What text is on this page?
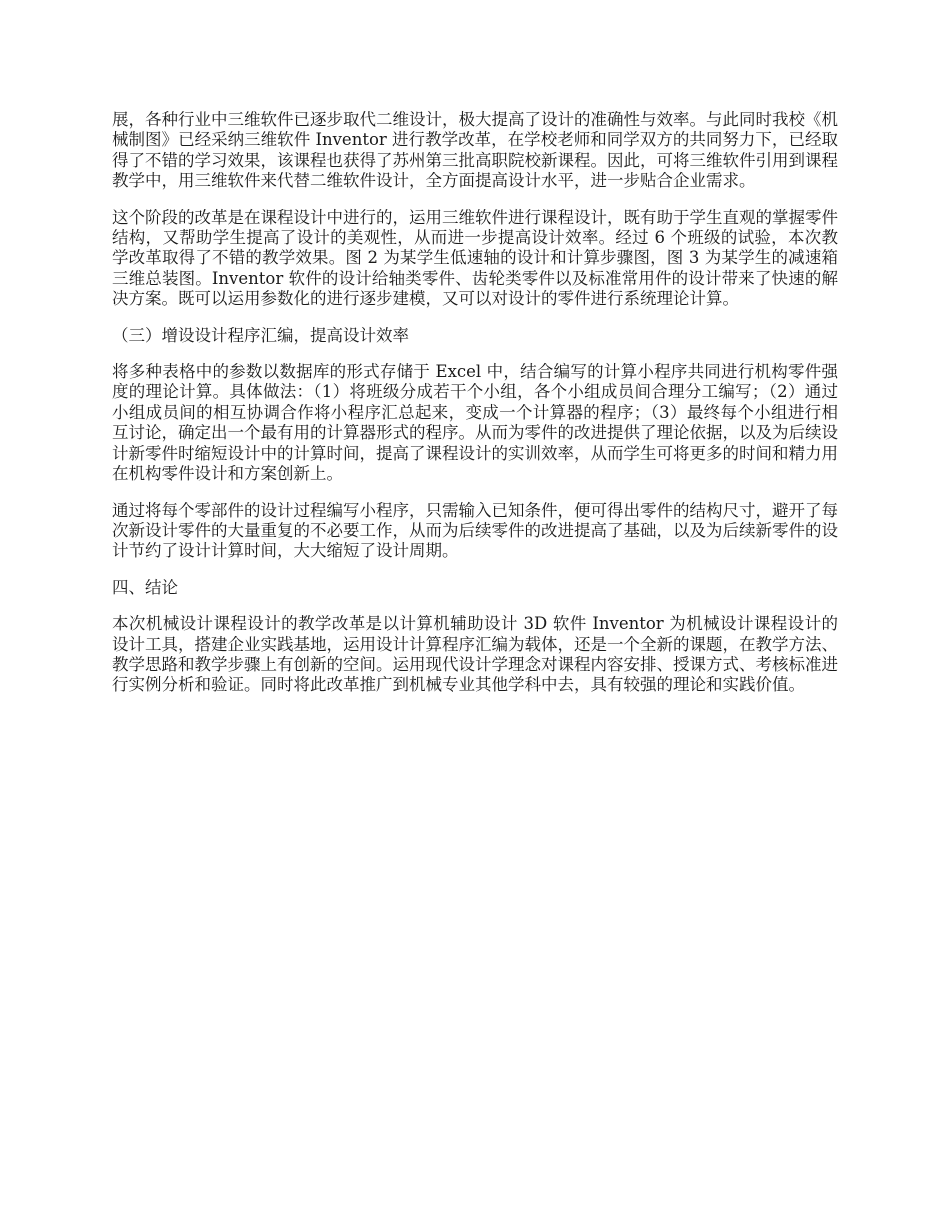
展，各种行业中三维软件已逐步取代二维设计，极大提高了设计的准确性与效率。与此同时我校《机械制图》已经采纳三维软件 Inventor 进行教学改革，在学校老师和同学双方的共同努力下，已经取得了不错的学习效果，该课程也获得了苏州第三批高职院校新课程。因此，可将三维软件引用到课程教学中，用三维软件来代替二维软件设计，全方面提高设计水平，进一步贴合企业需求。

这个阶段的改革是在课程设计中进行的，运用三维软件进行课程设计，既有助于学生直观的掌握零件结构，又帮助学生提高了设计的美观性，从而进一步提高设计效率。经过 6 个班级的试验，本次教学改革取得了不错的教学效果。图 2 为某学生低速轴的设计和计算步骤图，图 3 为某学生的减速箱三维总装图。Inventor 软件的设计给轴类零件、齿轮类零件以及标准常用件的设计带来了快速的解决方案。既可以运用参数化的进行逐步建模，又可以对设计的零件进行系统理论计算。

（三）增设设计程序汇编，提高设计效率

将多种表格中的参数以数据库的形式存储于 Excel 中，结合编写的计算小程序共同进行机构零件强度的理论计算。具体做法：（1）将班级分成若干个小组，各个小组成员间合理分工编写；（2）通过小组成员间的相互协调合作将小程序汇总起来，变成一个计算器的程序；（3）最终每个小组进行相互讨论，确定出一个最有用的计算器形式的程序。从而为零件的改进提供了理论依据，以及为后续设计新零件时缩短设计中的计算时间，提高了课程设计的实训效率，从而学生可将更多的时间和精力用在机构零件设计和方案创新上。

通过将每个零部件的设计过程编写小程序，只需输入已知条件，便可得出零件的结构尺寸，避开了每次新设计零件的大量重复的不必要工作，从而为后续零件的改进提高了基础，以及为后续新零件的设计节约了设计计算时间，大大缩短了设计周期。

四、结论

本次机械设计课程设计的教学改革是以计算机辅助设计 3D 软件 Inventor 为机械设计课程设计的设计工具，搭建企业实践基地，运用设计计算程序汇编为载体，还是一个全新的课题，在教学方法、教学思路和教学步骤上有创新的空间。运用现代设计学理念对课程内容安排、授课方式、考核标准进行实例分析和验证。同时将此改革推广到机械专业其他学科中去，具有较强的理论和实践价值。
